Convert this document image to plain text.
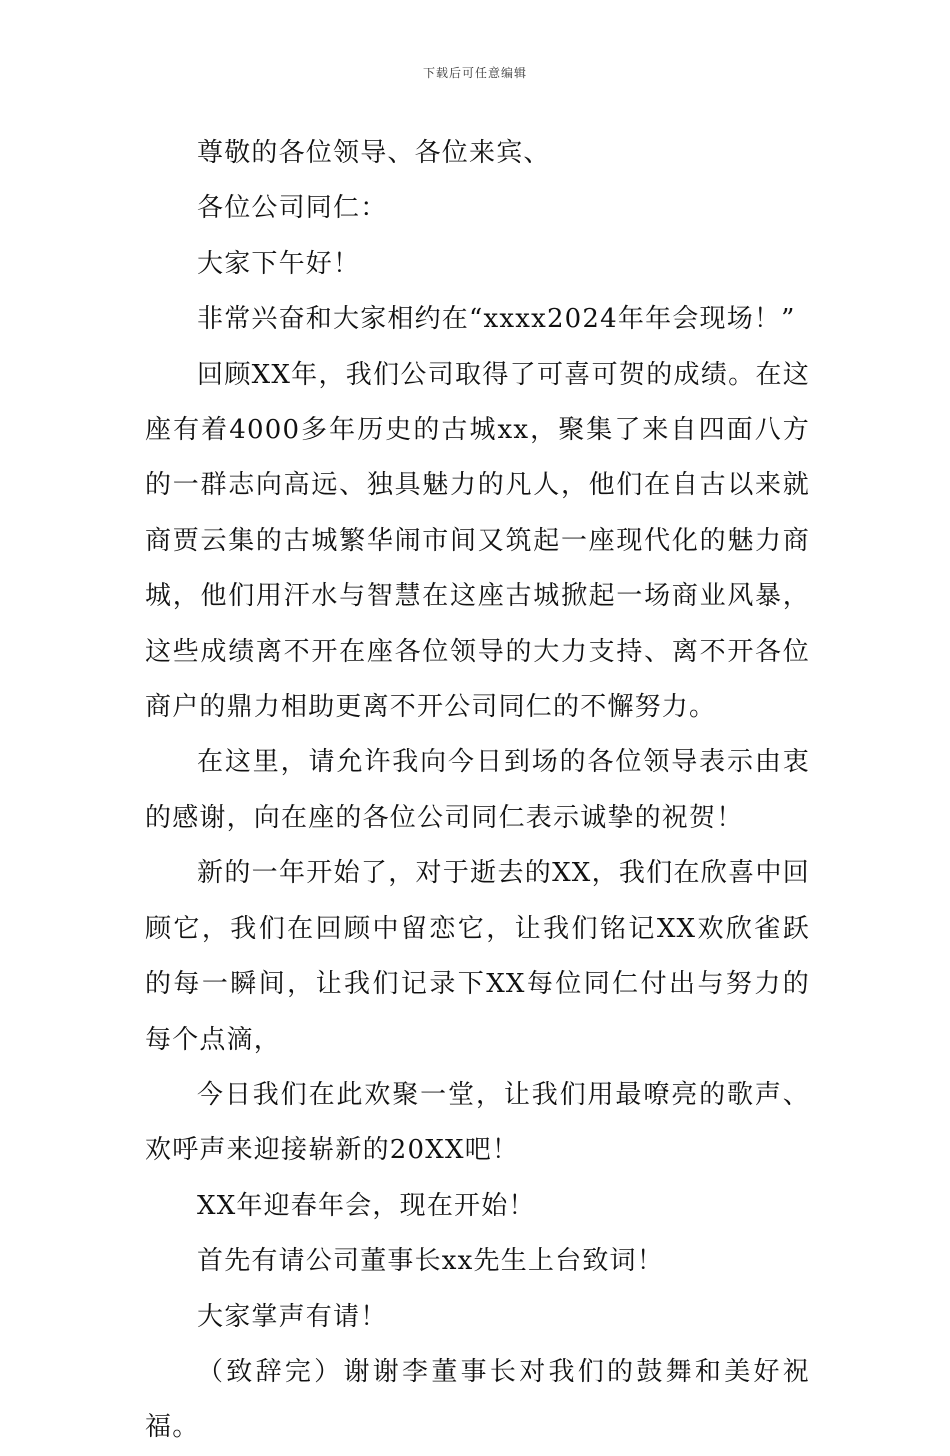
下载后可任意编辑

尊敬的各位领导、各位来宾、

各位公司同仁：

大家下午好！

非常兴奋和大家相约在“xxxx2024年年会现场！”

回顾XX年，我们公司取得了可喜可贺的成绩。在这座有着4000多年历史的古城xx，聚集了来自四面八方的一群志向高远、独具魅力的凡人，他们在自古以来就商贾云集的古城繁华闹市间又筑起一座现代化的魅力商城，他们用汗水与智慧在这座古城掀起一场商业风暴，这些成绩离不开在座各位领导的大力支持、离不开各位商户的鼎力相助更离不开公司同仁的不懈努力。

在这里，请允许我向今日到场的各位领导表示由衷的感谢，向在座的各位公司同仁表示诚挚的祝贺！

新的一年开始了，对于逝去的XX，我们在欣喜中回顾它，我们在回顾中留恋它，让我们铭记XX欢欣雀跃的每一瞬间，让我们记录下XX每位同仁付出与努力的每个点滴，

今日我们在此欢聚一堂，让我们用最嘹亮的歌声、欢呼声来迎接崭新的20XX吧！

XX年迎春年会，现在开始！

首先有请公司董事长xx先生上台致词！

大家掌声有请！

（致辞完）谢谢李董事长对我们的鼓舞和美好祝福。
